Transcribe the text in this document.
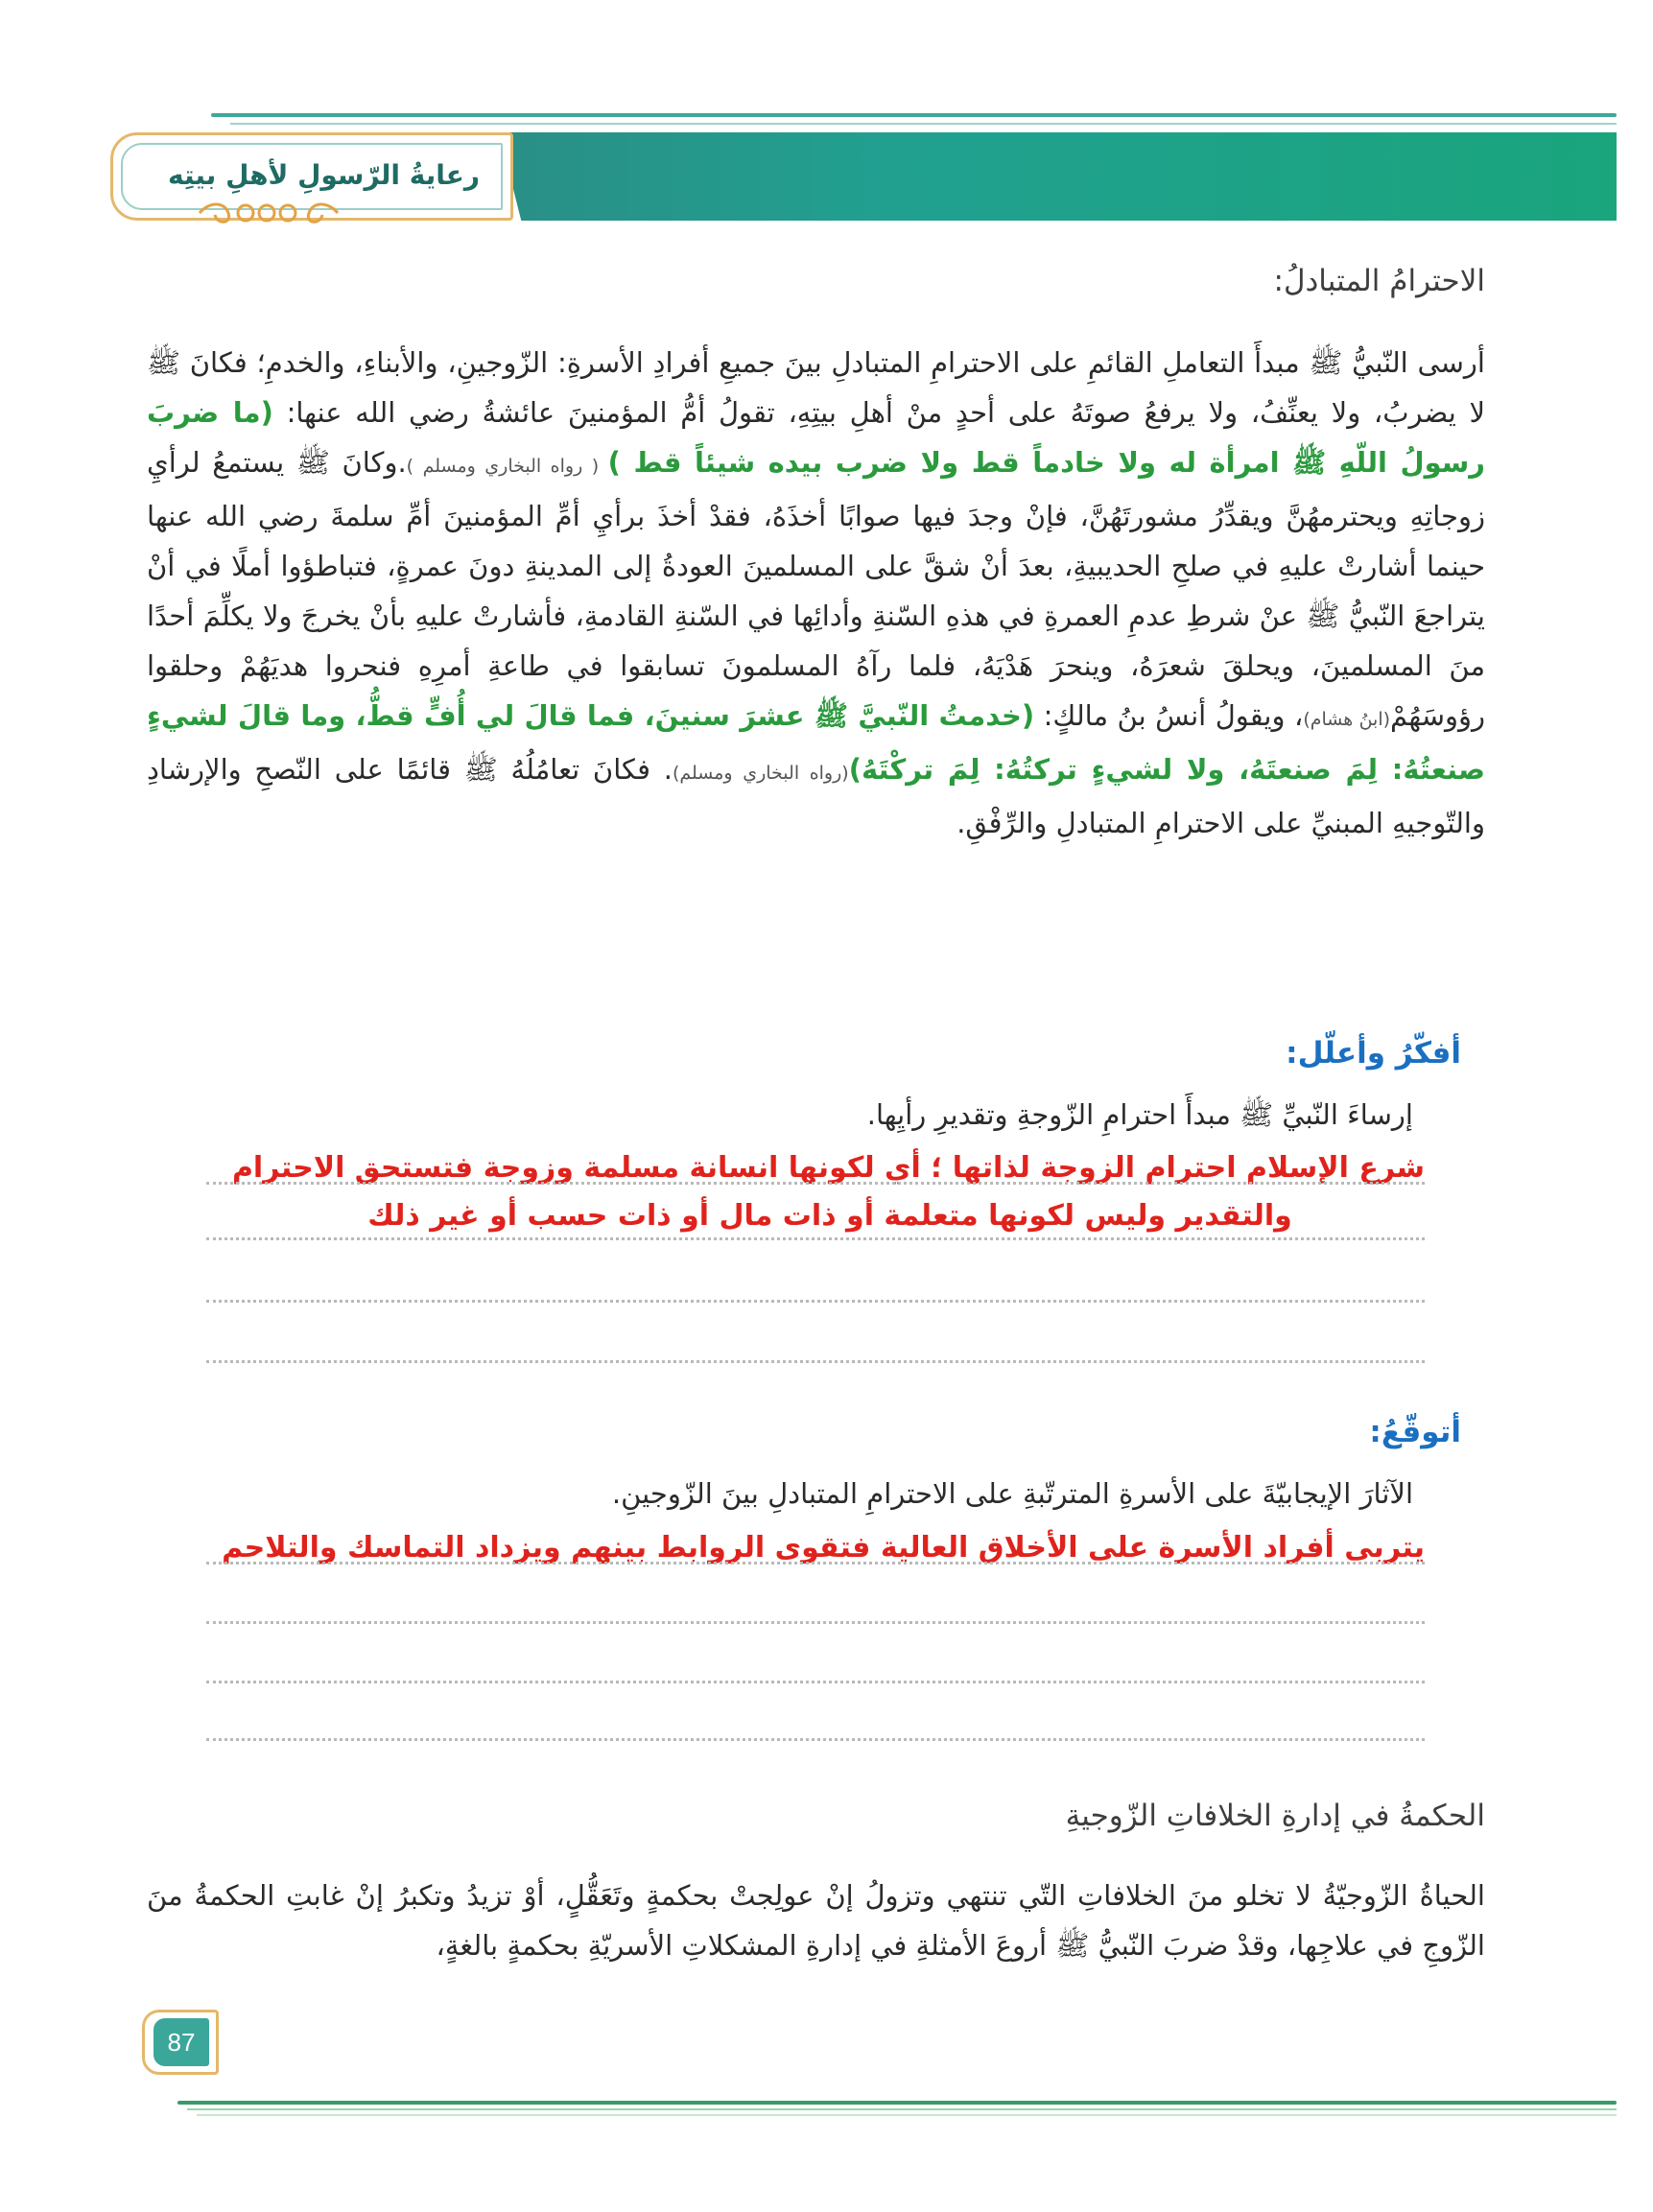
رعايةُ الرّسولِ لأهلِ بيتِه
الاحترامُ المتبادلُ:

أرسى النّبيُّ ﷺ مبدأَ التعاملِ القائمِ على الاحترامِ المتبادلِ بينَ جميعِ أفرادِ الأسرةِ: الزّوجينِ، والأبناءِ، والخدمِ؛ فكانَ ﷺ لا يضربُ، ولا يعنِّفُ، ولا يرفعُ صوتَهُ على أحدٍ منْ أهلِ بيتِهِ، تقولُ أمُّ المؤمنينَ عائشةُ رضي الله عنها: (ما ضربَ رسولُ اللّهِ ﷺ امرأة له ولا خادماً قط ولا ضرب بيده شيئاً قط ) ( رواه البخاري ومسلم ).وكانَ ﷺ يستمعُ لرأيِ زوجاتِهِ ويحترمهُنَّ ويقدِّرُ مشورتَهُنَّ، فإنْ وجدَ فيها صوابًا أخذَهُ، فقدْ أخذَ برأيِ أمِّ المؤمنينَ أمِّ سلمةَ رضي الله عنها حينما أشارتْ عليهِ في صلحِ الحديبيةِ، بعدَ أنْ شقَّ على المسلمينَ العودةُ إلى المدينةِ دونَ عمرةٍ، فتباطؤوا أملًا في أنْ يتراجعَ النّبيُّ ﷺ عنْ شرطِ عدمِ العمرةِ في هذهِ السّنةِ وأدائِها في السّنةِ القادمةِ، فأشارتْ عليهِ بأنْ يخرجَ ولا يكلِّمَ أحدًا منَ المسلمينَ، ويحلقَ شعرَهُ، وينحرَ هَدْيَهُ، فلما رآهُ المسلمونَ تسابقوا في طاعةِ أمرِهِ فنحروا هديَهُمْ وحلقوا رؤوسَهُمْ(ابنُ هشام)، ويقولُ أنسُ بنُ مالكٍ: (خدمتُ النّبيَّ ﷺ عشرَ سنينَ، فما قالَ لي أُفٍّ قطُّ، وما قالَ لشيءٍ صنعتُهُ: لِمَ صنعتَهُ، ولا لشيءٍ تركتُهُ: لِمَ تركْتَهُ)(رواه البخاري ومسلم). فكانَ تعامُلُهُ ﷺ قائمًا على النّصحِ والإرشادِ والتّوجيهِ المبنيِّ على الاحترامِ المتبادلِ والرِّفْقِ.

أفكّرُ وأعلّل:
إرساءَ النّبيِّ ﷺ مبدأَ احترامِ الزّوجةِ وتقديرِ رأيِها.
شرع الإسلام احترام الزوجة لذاتها ؛ أي لكونها انسانة مسلمة وزوجة فتستحق الاحترام
والتقدير وليس لكونها متعلمة أو ذات مال أو ذات حسب أو غير ذلك
أتوقّعُ:
الآثارَ الإيجابيّةَ على الأسرةِ المترتّبةِ على الاحترامِ المتبادلِ بينَ الزّوجينِ.
يتربى أفراد الأسرة على الأخلاق العالية فتقوى الروابط بينهم ويزداد التماسك والتلاحم
الحكمةُ في إدارةِ الخلافاتِ الزّوجيةِ

الحياةُ الزّوجيّةُ لا تخلو منَ الخلافاتِ التّي تنتهي وتزولُ إنْ عولِجتْ بحكمةٍ وتَعَقُّلٍ، أوْ تزيدُ وتكبرُ إنْ غابتِ الحكمةُ منَ الزّوجِ في علاجِها، وقدْ ضربَ النّبيُّ ﷺ أروعَ الأمثلةِ في إدارةِ المشكلاتِ الأسريّةِ بحكمةٍ بالغةٍ،

87
